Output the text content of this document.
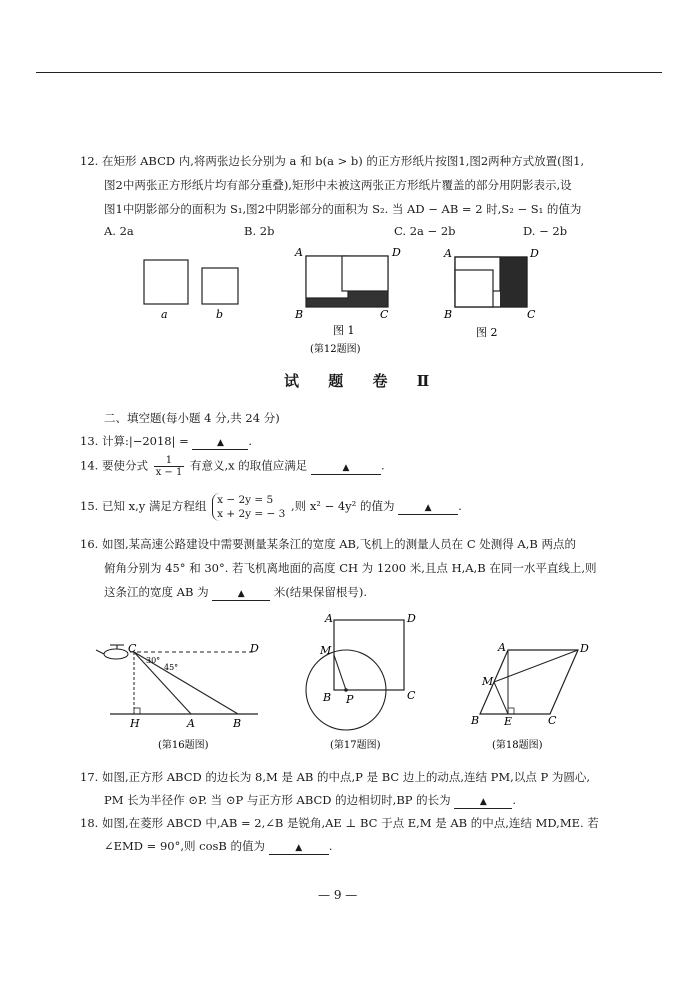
12. 在矩形 ABCD 内,将两张边长分别为 a 和 b(a > b) 的正方形纸片按图1,图2两种方式放置(图1,
图2中两张正方形纸片均有部分重叠),矩形中未被这两张正方形纸片覆盖的部分用阴影表示,设
图1中阴影部分的面积为 S₁,图2中阴影部分的面积为 S₂. 当 AD − AB = 2 时,S₂ − S₁ 的值为
A. 2a	B. 2b	C. 2a − 2b	D. − 2b
a	b
A	D
B	C
图 1
A	D
B	C
图 2
(第12题图)
试 题 卷 Ⅱ
二、填空题(每小题 4 分,共 24 分)
13. 计算:|−2018| =	▲ .
14. 要使分式 $\frac{1}{x - 1}$ 有意义,x 的取值应满足	▲	.
15. 已知 x,y 满足方程组 x − 2y = 5
x + 2y = − 3
,则 x² − 4y² 的值为	▲ .
16. 如图,某高速公路建设中需要测量某条江的宽度 AB,飞机上的测量人员在 C 处测得 A,B 两点的
俯角分别为 45° 和 30°. 若飞机离地面的高度 CH 为 1200 米,且点 H,A,B 在同一水平直线上,则
这条江的宽度 AB 为	▲	米(结果保留根号).
C	D
30°
45°
H	A	B
(第16题图)
A	D
M
B P	C
(第17题图)
A	D
M
B E	C
(第18题图)
17. 如图,正方形 ABCD 的边长为 8,M 是 AB 的中点,P 是 BC 边上的动点,连结 PM,以点 P 为圆心,
PM 长为半径作 ⊙P. 当 ⊙P 与正方形 ABCD 的边相切时,BP 的长为	▲ .
18. 如图,在菱形 ABCD 中,AB = 2,∠B 是锐角,AE ⊥ BC 于点 E,M 是 AB 的中点,连结 MD,ME. 若
∠EMD = 90°,则 cosB 的值为	▲ .
— 9 —
